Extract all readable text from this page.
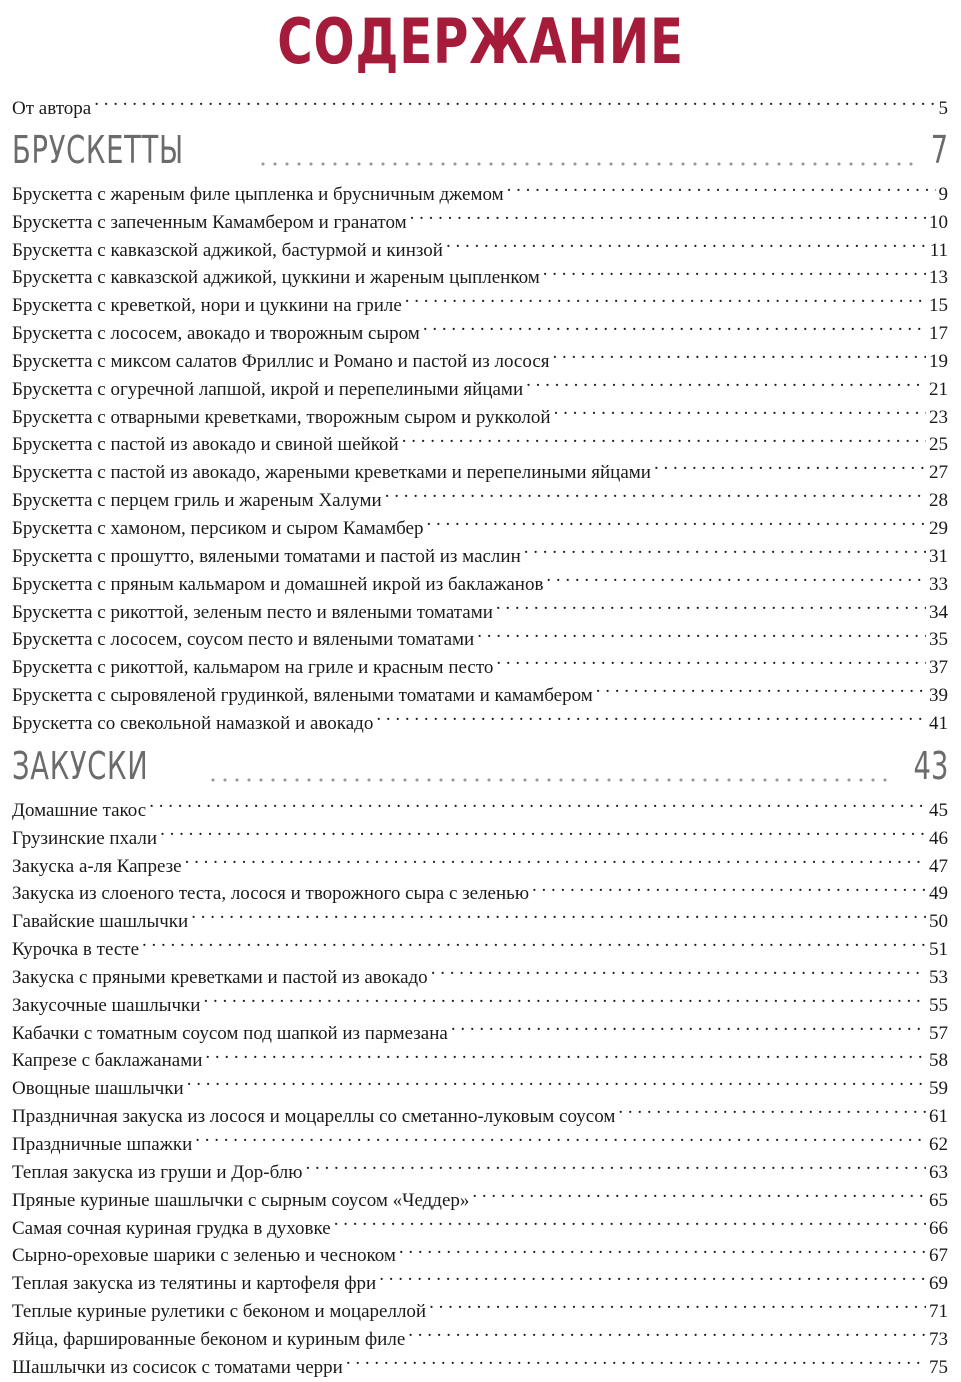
СОДЕРЖАНИЕ
От автора . . .	5
БРУСКЕТТЫ	7
Брускетта с жареным филе цыпленка и брусничным джемом . . .	9
Брускетта с запеченным Камамбером и гранатом . . .	10
Брускетта с кавказской аджикой, бастурмой и кинзой . . .	11
Брускетта с кавказской аджикой, цуккини и жареным цыпленком . . .	13
Брускетта с креветкой, нори и цуккини на гриле . . .	15
Брускетта с лососем, авокадо и творожным сыром . . .	17
Брускетта с миксом салатов Фриллис и Романо и пастой из лосося . . .	19
Брускетта с огуречной лапшой, икрой и перепелиными яйцами . . .	21
Брускетта с отварными креветками, творожным сыром и рукколой . . .	23
Брускетта с пастой из авокадо и свиной шейкой . . .	25
Брускетта с пастой из авокадо, жареными креветками и перепелиными яйцами . . .	27
Брускетта с перцем гриль и жареным Халуми . . .	28
Брускетта с хамоном, персиком и сыром Камамбер . . .	29
Брускетта с прошутто, вялеными томатами и пастой из маслин . . .	31
Брускетта с пряным кальмаром и домашней икрой из баклажанов . . .	33
Брускетта с рикоттой, зеленым песто и вялеными томатами . . .	34
Брускетта с лососем, соусом песто и вялеными томатами . . .	35
Брускетта с рикоттой, кальмаром на гриле и красным песто . . .	37
Брускетта с сыровяленой грудинкой, вялеными томатами и камамбером . . .	39
Брускетта со свекольной намазкой и авокадо . . .	41
ЗАКУСКИ	43
Домашние такос . . .	45
Грузинские пхали . . .	46
Закуска а-ля Капрезе . . .	47
Закуска из слоеного теста, лосося и творожного сыра с зеленью . . .	49
Гавайские шашлычки . . .	50
Курочка в тесте . . .	51
Закуска с пряными креветками и пастой из авокадо . . .	53
Закусочные шашлычки . . .	55
Кабачки с томатным соусом под шапкой из пармезана . . .	57
Капрезе с баклажанами . . .	58
Овощные шашлычки . . .	59
Праздничная закуска из лосося и моцареллы со сметанно-луковым соусом . . .	61
Праздничные шпажки . . .	62
Теплая закуска из груши и Дор-блю . . .	63
Пряные куриные шашлычки с сырным соусом «Чеддер» . . .	65
Самая сочная куриная грудка в духовке . . .	66
Сырно-ореховые шарики с зеленью и чесноком . . .	67
Теплая закуска из телятины и картофеля фри . . .	69
Теплые куриные рулетики с беконом и моцареллой . . .	71
Яйца, фаршированные беконом и куриным филе . . .	73
Шашлычки из сосисок с томатами черри . . .	75
